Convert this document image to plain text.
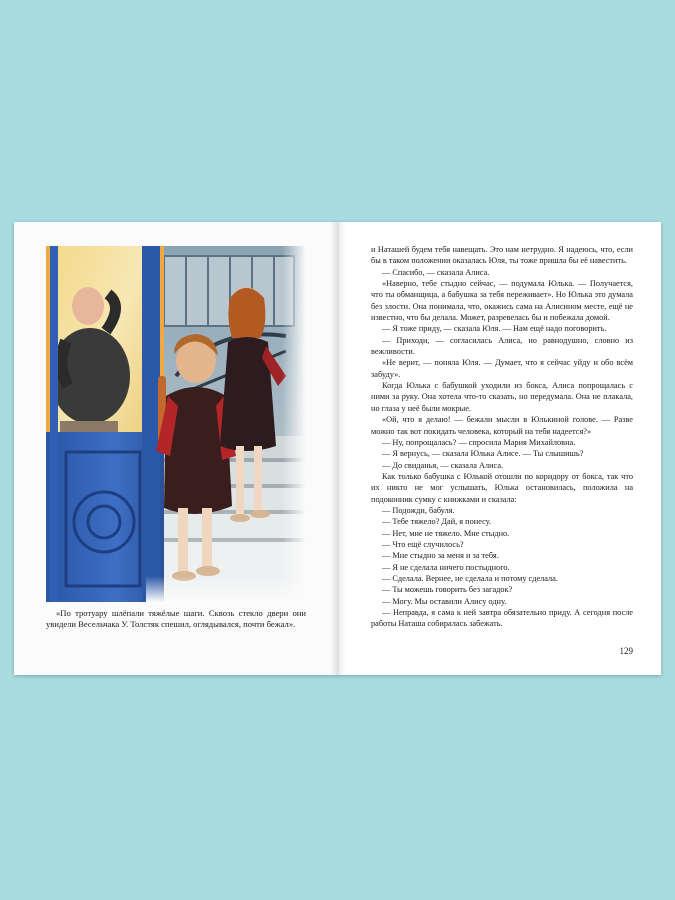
«По тротуару шлёпали тяжёлые шаги. Сквозь стекло двери они увидели Весельчака У. Толстяк спешил, оглядывался, почти бежал».

и Наташей будем тебя навещать. Это нам нетрудно. Я надеюсь, что, если бы в таком положении оказалась Юля, ты тоже пришла бы её навестить.

— Спасибо, — сказала Алиса.

«Наверно, тебе стыдно сейчас, — подумала Юлька. — Получается, что ты обманщица, а бабушка за тебя переживает». Но Юлька это думала без злости. Она понимала, что, окажись сама на Алисином месте, ещё не известно, что бы делала. Может, разревелась бы и побежала домой.

— Я тоже приду, — сказала Юля. — Нам ещё надо поговорить.

— Приходи, — согласилась Алиса, но равнодушно, словно из вежливости.

«Не верит, — поняла Юля. — Думает, что я сейчас уйду и обо всём забуду».

Когда Юлька с бабушкой уходили из бокса, Алиса попрощалась с ними за руку. Она хотела что-то сказать, но передумала. Она не плакала, но глаза у неё были мокрые.

«Ой, что я делаю! — бежали мысли в Юлькиной голове. — Разве можно так вот покидать человека, который на тебя надеется?»

— Ну, попрощалась? — спросила Мария Михайловна.

— Я вернусь, — сказала Юлька Алисе. — Ты слышишь?

— До свиданья, — сказала Алиса.

Как только бабушка с Юлькой отошли по коридору от бокса, так что их никто не мог услышать, Юлька остановилась, положила на подоконник сумку с книжками и сказала:

— Подожди, бабуля.

— Тебе тяжело? Дай, я понесу.

— Нет, мне не тяжело. Мне стыдно.

— Что ещё случилось?

— Мне стыдно за меня и за тебя.

— Я не сделала ничего постыдного.

— Сделала. Вернее, не сделала и потому сделала.

— Ты можешь говорить без загадок?

— Могу. Мы оставили Алису одну.

— Неправда, я сама к ней завтра обязательно приду. А сегодня после работы Наташа собиралась забежать.

129
